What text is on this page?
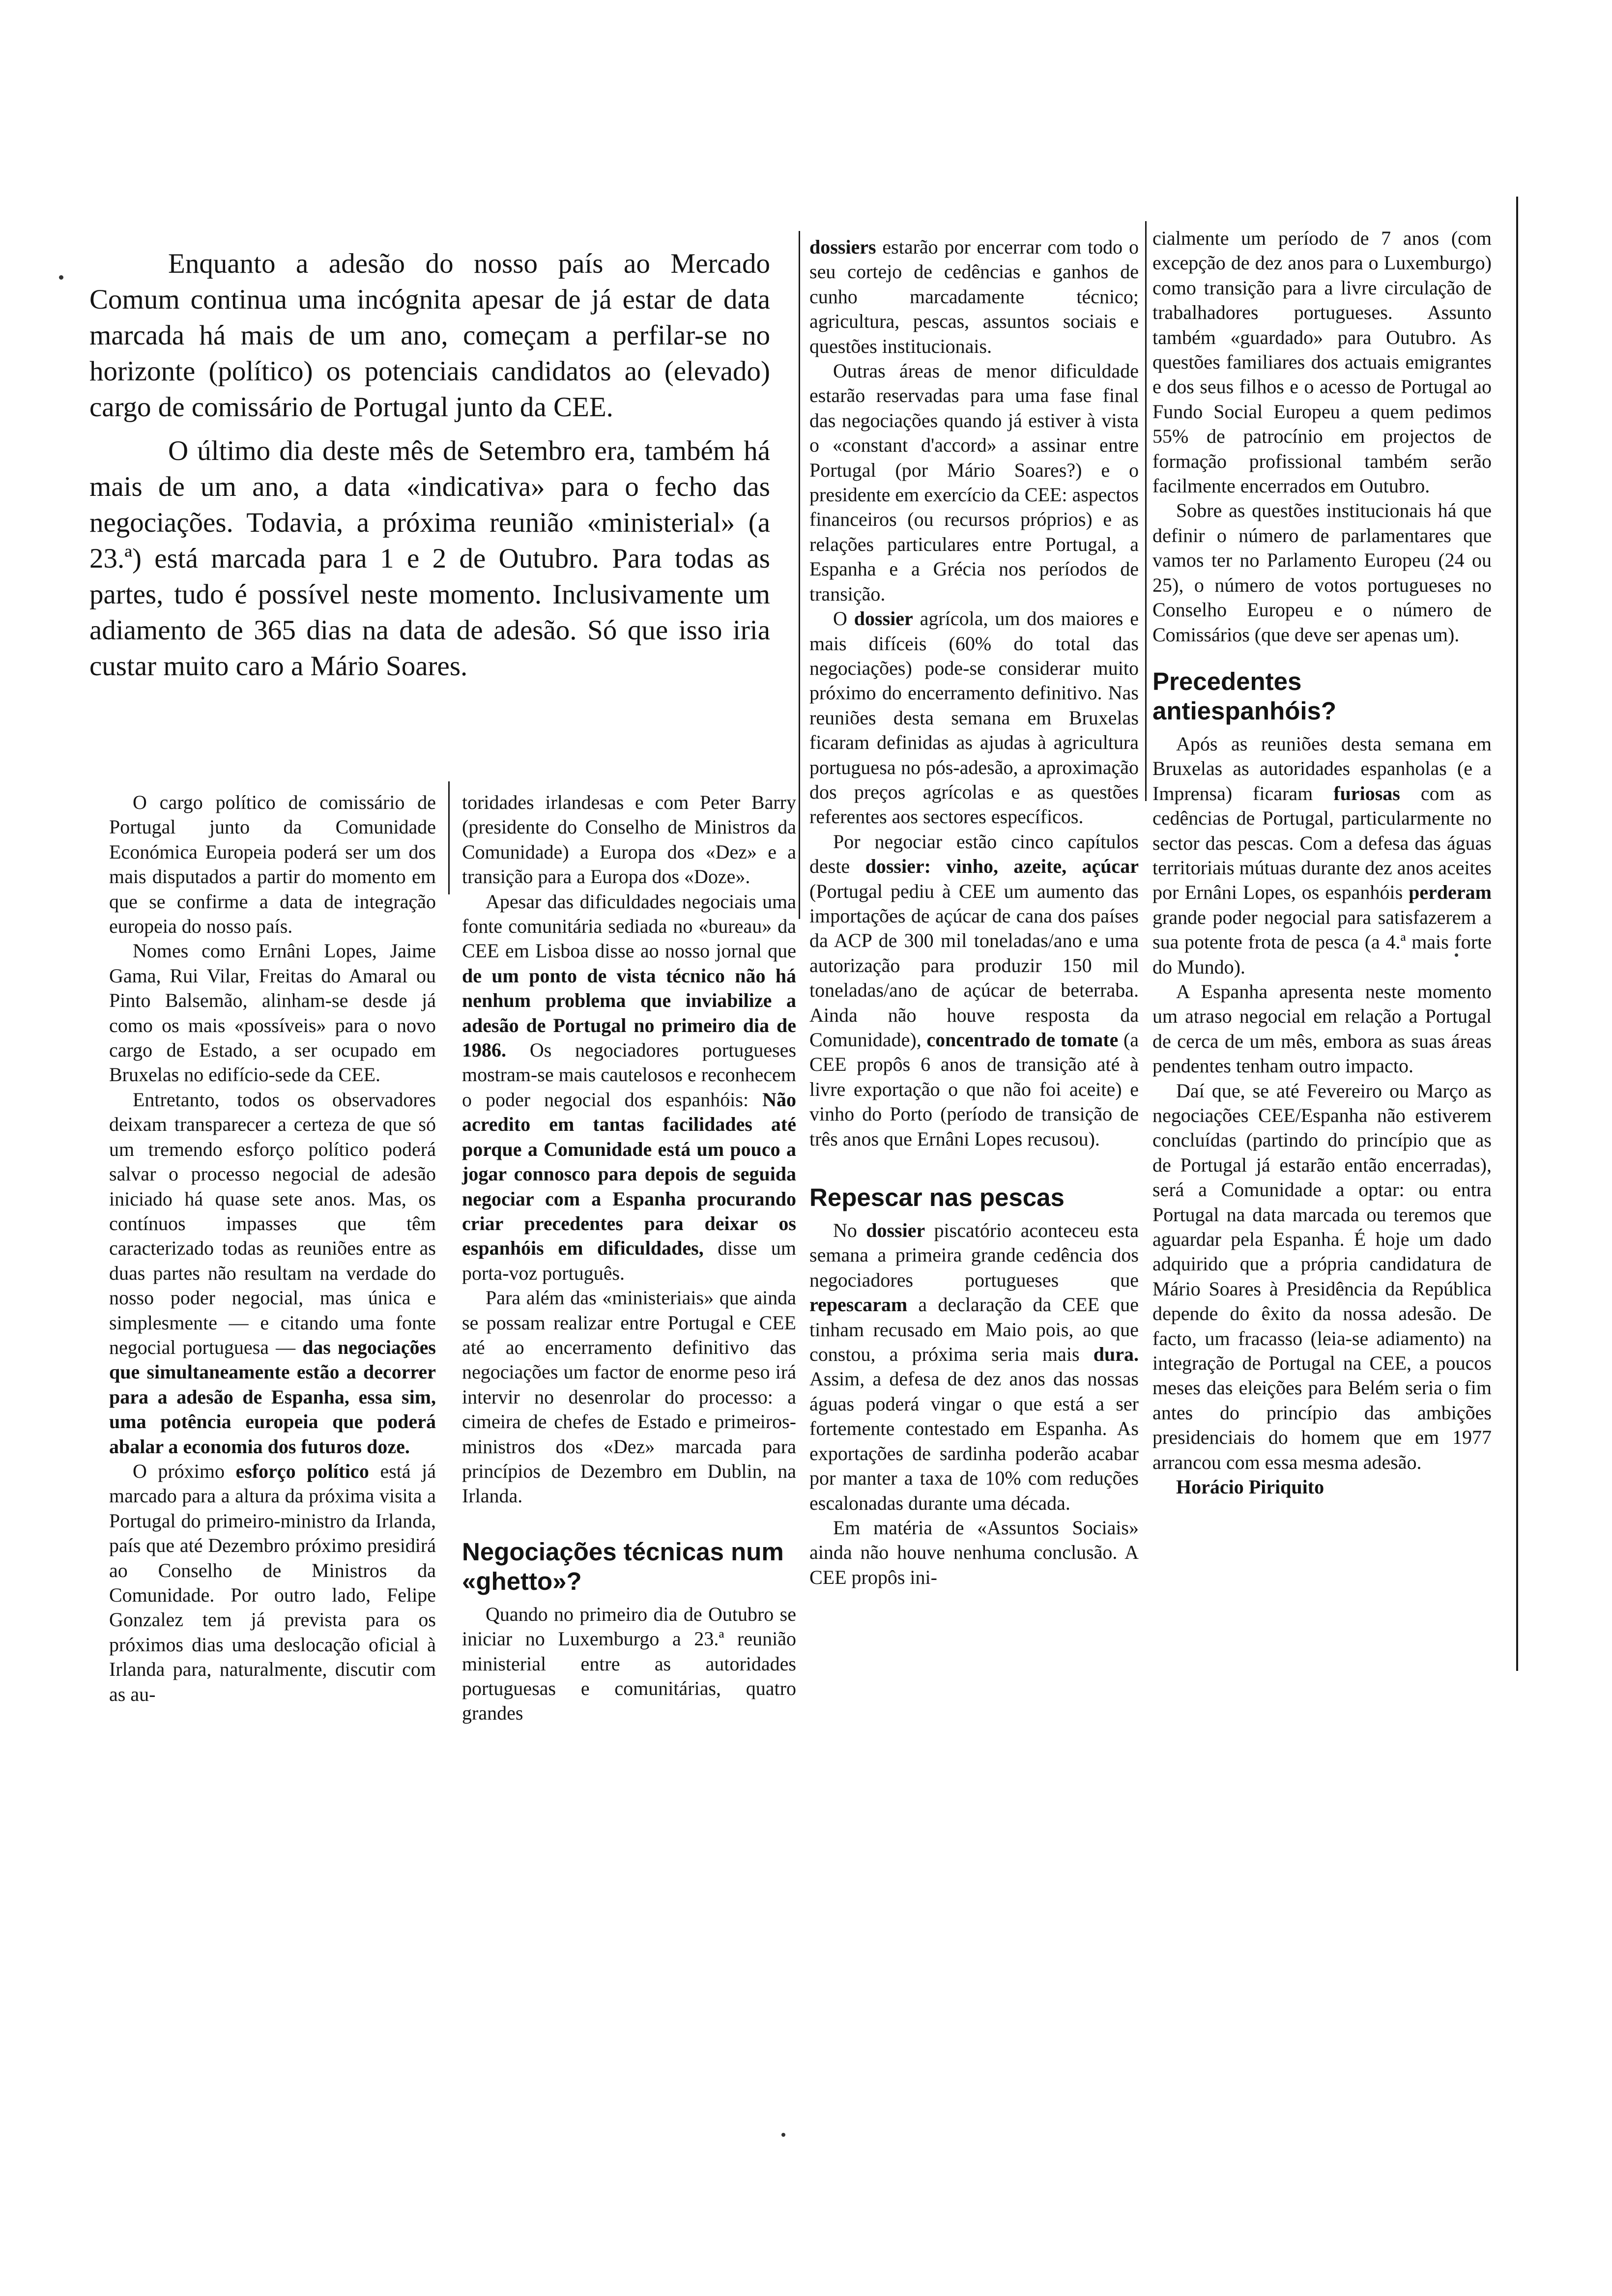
Enquanto a adesão do nosso país ao Mercado Comum continua uma incógnita apesar de já estar de data marcada há mais de um ano, começam a perfilar-se no horizonte (político) os potenciais candidatos ao (elevado) cargo de comissário de Portugal junto da CEE.

O último dia deste mês de Setembro era, também há mais de um ano, a data «indicativa» para o fecho das negociações. Todavia, a próxima reunião «ministerial» (a 23.ª) está marcada para 1 e 2 de Outubro. Para todas as partes, tudo é possível neste momento. Inclusivamente um adiamento de 365 dias na data de adesão. Só que isso iria custar muito caro a Mário Soares.

O cargo político de comissário de Portugal junto da Comunidade Económica Europeia poderá ser um dos mais disputados a partir do momento em que se confirme a data de integração europeia do nosso país.

Nomes como Ernâni Lopes, Jaime Gama, Rui Vilar, Freitas do Amaral ou Pinto Balsemão, alinham-se desde já como os mais «possíveis» para o novo cargo de Estado, a ser ocupado em Bruxelas no edifício-sede da CEE.

Entretanto, todos os observadores deixam transparecer a certeza de que só um tremendo esforço político poderá salvar o processo negocial de adesão iniciado há quase sete anos. Mas, os contínuos impasses que têm caracterizado todas as reuniões entre as duas partes não resultam na verdade do nosso poder negocial, mas única e simplesmente — e citando uma fonte negocial portuguesa — das negociações que simultaneamente estão a decorrer para a adesão de Espanha, essa sim, uma potência europeia que poderá abalar a economia dos futuros doze.

O próximo esforço político está já marcado para a altura da próxima visita a Portugal do primeiro-ministro da Irlanda, país que até Dezembro próximo presidirá ao Conselho de Ministros da Comunidade. Por outro lado, Felipe Gonzalez tem já prevista para os próximos dias uma deslocação oficial à Irlanda para, naturalmente, discutir com as au-

toridades irlandesas e com Peter Barry (presidente do Conselho de Ministros da Comunidade) a Europa dos «Dez» e a transição para a Europa dos «Doze».

Apesar das dificuldades negociais uma fonte comunitária sediada no «bureau» da CEE em Lisboa disse ao nosso jornal que de um ponto de vista técnico não há nenhum problema que inviabilize a adesão de Portugal no primeiro dia de 1986. Os negociadores portugueses mostram-se mais cautelosos e reconhecem o poder negocial dos espanhóis: Não acredito em tantas facilidades até porque a Comunidade está um pouco a jogar connosco para depois de seguida negociar com a Espanha procurando criar precedentes para deixar os espanhóis em dificuldades, disse um porta-voz português.

Para além das «ministeriais» que ainda se possam realizar entre Portugal e CEE até ao encerramento definitivo das negociações um factor de enorme peso irá intervir no desenrolar do processo: a cimeira de chefes de Estado e primeiros-ministros dos «Dez» marcada para princípios de Dezembro em Dublin, na Irlanda.

Negociações técnicas num «ghetto»?

Quando no primeiro dia de Outubro se iniciar no Luxemburgo a 23.ª reunião ministerial entre as autoridades portuguesas e comunitárias, quatro grandes

dossiers estarão por encerrar com todo o seu cortejo de cedências e ganhos de cunho marcadamente técnico; agricultura, pescas, assuntos sociais e questões institucionais.

Outras áreas de menor dificuldade estarão reservadas para uma fase final das negociações quando já estiver à vista o «constant d'accord» a assinar entre Portugal (por Mário Soares?) e o presidente em exercício da CEE: aspectos financeiros (ou recursos próprios) e as relações particulares entre Portugal, a Espanha e a Grécia nos períodos de transição.

O dossier agrícola, um dos maiores e mais difíceis (60% do total das negociações) pode-se considerar muito próximo do encerramento definitivo. Nas reuniões desta semana em Bruxelas ficaram definidas as ajudas à agricultura portuguesa no pós-adesão, a aproximação dos preços agrícolas e as questões referentes aos sectores específicos.

Por negociar estão cinco capítulos deste dossier: vinho, azeite, açúcar (Portugal pediu à CEE um aumento das importações de açúcar de cana dos países da ACP de 300 mil toneladas/ano e uma autorização para produzir 150 mil toneladas/ano de açúcar de beterraba. Ainda não houve resposta da Comunidade), concentrado de tomate (a CEE propôs 6 anos de transição até à livre exportação o que não foi aceite) e vinho do Porto (período de transição de três anos que Ernâni Lopes recusou).

Repescar nas pescas

No dossier piscatório aconteceu esta semana a primeira grande cedência dos negociadores portugueses que repescaram a declaração da CEE que tinham recusado em Maio pois, ao que constou, a próxima seria mais dura. Assim, a defesa de dez anos das nossas águas poderá vingar o que está a ser fortemente contestado em Espanha. As exportações de sardinha poderão acabar por manter a taxa de 10% com reduções escalonadas durante uma década.

Em matéria de «Assuntos Sociais» ainda não houve nenhuma conclusão. A CEE propôs ini-

cialmente um período de 7 anos (com excepção de dez anos para o Luxemburgo) como transição para a livre circulação de trabalhadores portugueses. Assunto também «guardado» para Outubro. As questões familiares dos actuais emigrantes e dos seus filhos e o acesso de Portugal ao Fundo Social Europeu a quem pedimos 55% de patrocínio em projectos de formação profissional também serão facilmente encerrados em Outubro.

Sobre as questões institucionais há que definir o número de parlamentares que vamos ter no Parlamento Europeu (24 ou 25), o número de votos portugueses no Conselho Europeu e o número de Comissários (que deve ser apenas um).

Precedentes antiespanhóis?

Após as reuniões desta semana em Bruxelas as autoridades espanholas (e a Imprensa) ficaram furiosas com as cedências de Portugal, particularmente no sector das pescas. Com a defesa das águas territoriais mútuas durante dez anos aceites por Ernâni Lopes, os espanhóis perderam grande poder negocial para satisfazerem a sua potente frota de pesca (a 4.ª mais forte do Mundo).

A Espanha apresenta neste momento um atraso negocial em relação a Portugal de cerca de um mês, embora as suas áreas pendentes tenham outro impacto.

Daí que, se até Fevereiro ou Março as negociações CEE/Espanha não estiverem concluídas (partindo do princípio que as de Portugal já estarão então encerradas), será a Comunidade a optar: ou entra Portugal na data marcada ou teremos que aguardar pela Espanha. É hoje um dado adquirido que a própria candidatura de Mário Soares à Presidência da República depende do êxito da nossa adesão. De facto, um fracasso (leia-se adiamento) na integração de Portugal na CEE, a poucos meses das eleições para Belém seria o fim antes do princípio das ambições presidenciais do homem que em 1977 arrancou com essa mesma adesão.

Horácio Piriquito
